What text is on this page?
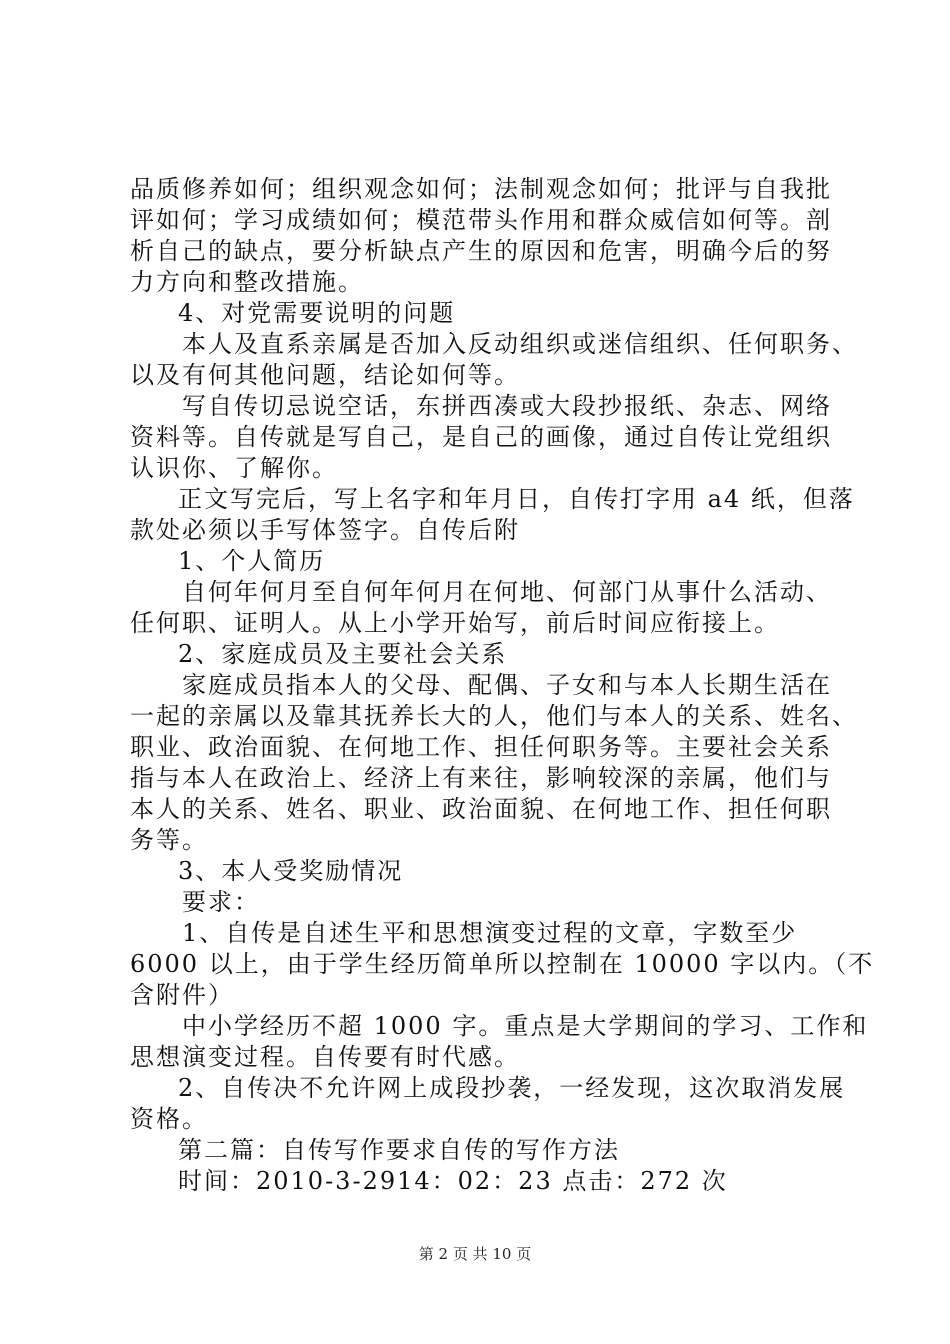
品质修养如何；组织观念如何；法制观念如何；批评与自我批
评如何；学习成绩如何；模范带头作用和群众威信如何等。剖
析自己的缺点，要分析缺点产生的原因和危害，明确今后的努
力方向和整改措施。
4、对党需要说明的问题
本人及直系亲属是否加入反动组织或迷信组织、任何职务、
以及有何其他问题，结论如何等。
写自传切忌说空话，东拼西凑或大段抄报纸、杂志、网络
资料等。自传就是写自己，是自己的画像，通过自传让党组织
认识你、了解你。
正文写完后，写上名字和年月日，自传打字用 a4 纸，但落
款处必须以手写体签字。自传后附
1、个人简历
自何年何月至自何年何月在何地、何部门从事什么活动、
任何职、证明人。从上小学开始写，前后时间应衔接上。
2、家庭成员及主要社会关系
家庭成员指本人的父母、配偶、子女和与本人长期生活在
一起的亲属以及靠其抚养长大的人，他们与本人的关系、姓名、
职业、政治面貌、在何地工作、担任何职务等。主要社会关系
指与本人在政治上、经济上有来往，影响较深的亲属，他们与
本人的关系、姓名、职业、政治面貌、在何地工作、担任何职
务等。
3、本人受奖励情况
要求：
1、自传是自述生平和思想演变过程的文章，字数至少
6000 以上，由于学生经历简单所以控制在 10000 字以内。（不
含附件）
中小学经历不超 1000 字。重点是大学期间的学习、工作和
思想演变过程。自传要有时代感。
2、自传决不允许网上成段抄袭，一经发现，这次取消发展
资格。
第二篇：自传写作要求自传的写作方法
时间：2010-3-2914：02：23 点击：272 次
第 2 页 共 10 页
